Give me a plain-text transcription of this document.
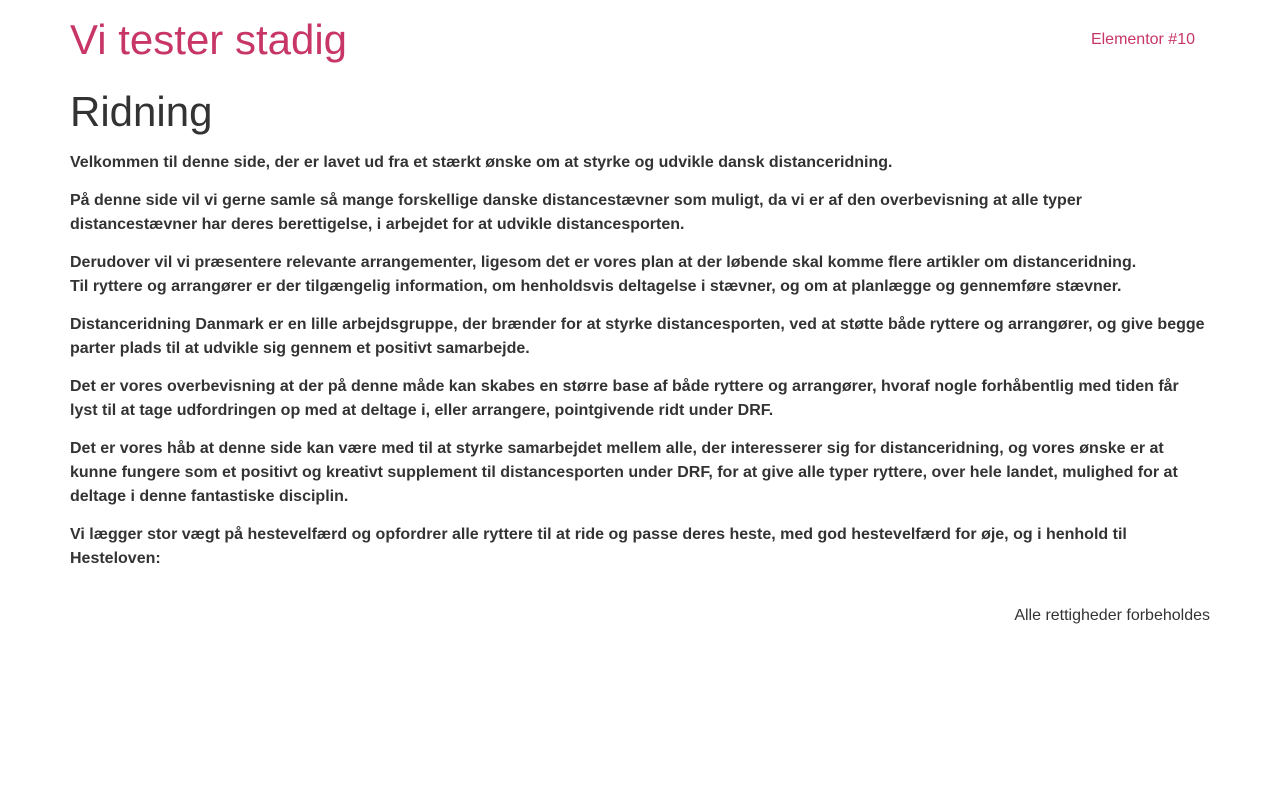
Vi tester stadig	Elementor #10
Ridning

Velkommen til denne side, der er lavet ud fra et stærkt ønske om at styrke og udvikle dansk distanceridning.

På denne side vil vi gerne samle så mange forskellige danske distancestævner som muligt, da vi er af den overbevisning at alle typer distancestævner har deres berettigelse, i arbejdet for at udvikle distancesporten.

Derudover vil vi præsentere relevante arrangementer, ligesom det er vores plan at der løbende skal komme flere artikler om distanceridning.
Til ryttere og arrangører er der tilgængelig information, om henholdsvis deltagelse i stævner, og om at planlægge og gennemføre stævner.

Distanceridning Danmark er en lille arbejdsgruppe, der brænder for at styrke distancesporten, ved at støtte både ryttere og arrangører, og give begge parter plads til at udvikle sig gennem et positivt samarbejde.

Det er vores overbevisning at der på denne måde kan skabes en større base af både ryttere og arrangører, hvoraf nogle forhåbentlig med tiden får lyst til at tage udfordringen op med at deltage i, eller arrangere, pointgivende ridt under DRF.

Det er vores håb at denne side kan være med til at styrke samarbejdet mellem alle, der interesserer sig for distanceridning, og vores ønske er at kunne fungere som et positivt og kreativt supplement til distancesporten under DRF, for at give alle typer ryttere, over hele landet, mulighed for at deltage i denne fantastiske disciplin.

Vi lægger stor vægt på hestevelfærd og opfordrer alle ryttere til at ride og passe deres heste, med god hestevelfærd for øje, og i henhold til Hesteloven:

Alle rettigheder forbeholdes
